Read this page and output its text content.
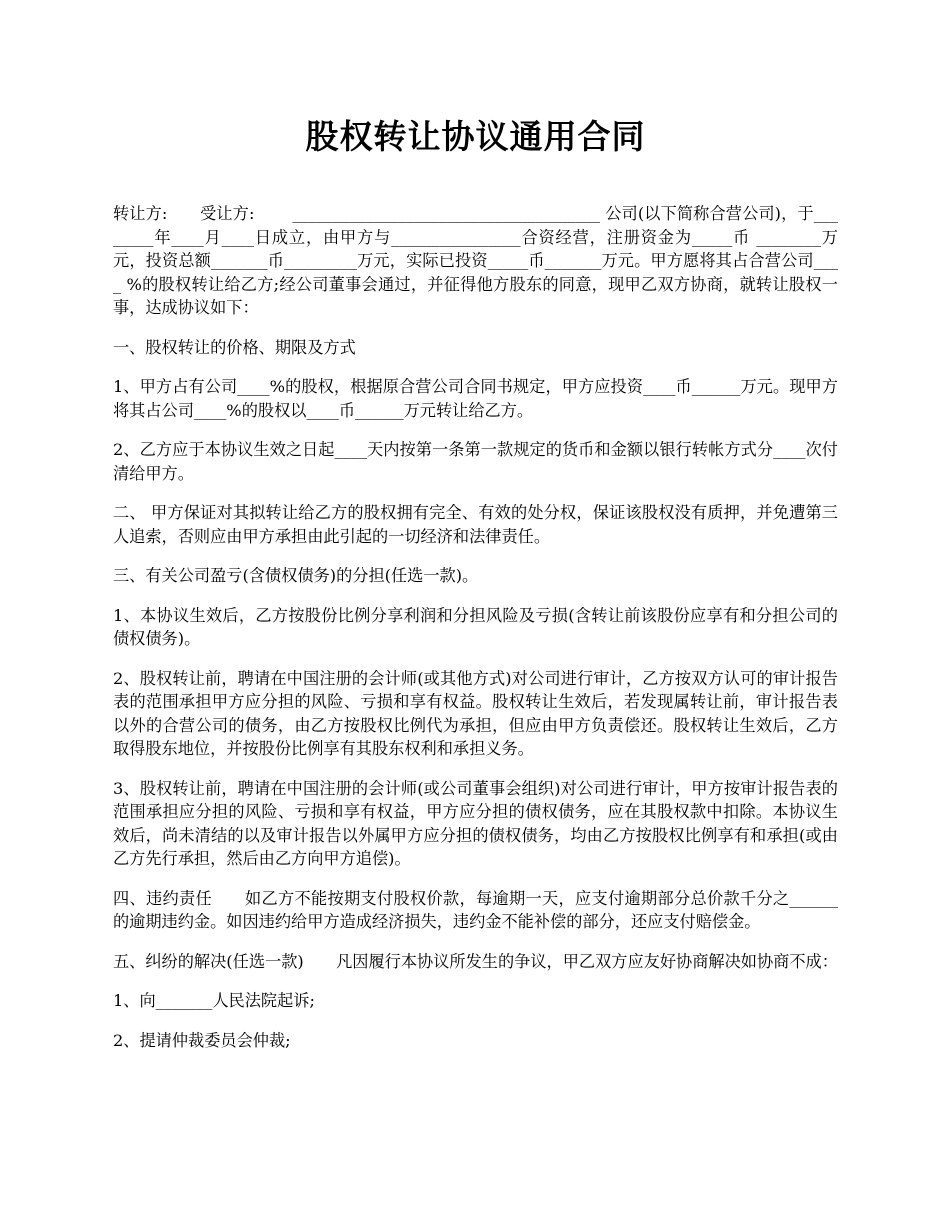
股权转让协议通用合同

转让方:　　受让方:　　 ______________________________________ 公司(以下简称合营公司)，于________年____月____日成立，由甲方与________________合资经营，注册资金为_____币 ________万元，投资总额_______币_________万元，实际已投资_____币_______万元。甲方愿将其占合营公司____ %的股权转让给乙方;经公司董事会通过，并征得他方股东的同意，现甲乙双方协商，就转让股权一事，达成协议如下：

一、股权转让的价格、期限及方式

1、甲方占有公司____%的股权，根据原合营公司合同书规定，甲方应投资____币______万元。现甲方将其占公司____%的股权以____币______万元转让给乙方。

2、乙方应于本协议生效之日起____天内按第一条第一款规定的货币和金额以银行转帐方式分____次付清给甲方。

二、 甲方保证对其拟转让给乙方的股权拥有完全、有效的处分权，保证该股权没有质押，并免遭第三人追索，否则应由甲方承担由此引起的一切经济和法律责任。

三、有关公司盈亏(含债权债务)的分担(任选一款)。

1、本协议生效后，乙方按股份比例分享利润和分担风险及亏损(含转让前该股份应享有和分担公司的债权债务)。

2、股权转让前，聘请在中国注册的会计师(或其他方式)对公司进行审计，乙方按双方认可的审计报告表的范围承担甲方应分担的风险、亏损和享有权益。股权转让生效后，若发现属转让前，审计报告表以外的合营公司的债务，由乙方按股权比例代为承担，但应由甲方负责偿还。股权转让生效后，乙方取得股东地位，并按股份比例享有其股东权利和承担义务。

3、股权转让前，聘请在中国注册的会计师(或公司董事会组织)对公司进行审计，甲方按审计报告表的范围承担应分担的风险、亏损和享有权益，甲方应分担的债权债务，应在其股权款中扣除。本协议生效后，尚未清结的以及审计报告以外属甲方应分担的债权债务，均由乙方按股权比例享有和承担(或由乙方先行承担，然后由乙方向甲方追偿)。

四、违约责任　　如乙方不能按期支付股权价款，每逾期一天，应支付逾期部分总价款千分之______的逾期违约金。如因违约给甲方造成经济损失，违约金不能补偿的部分，还应支付赔偿金。

五、纠纷的解决(任选一款)　　凡因履行本协议所发生的争议，甲乙双方应友好协商解决如协商不成：

1、向_______人民法院起诉;

2、提请仲裁委员会仲裁;
